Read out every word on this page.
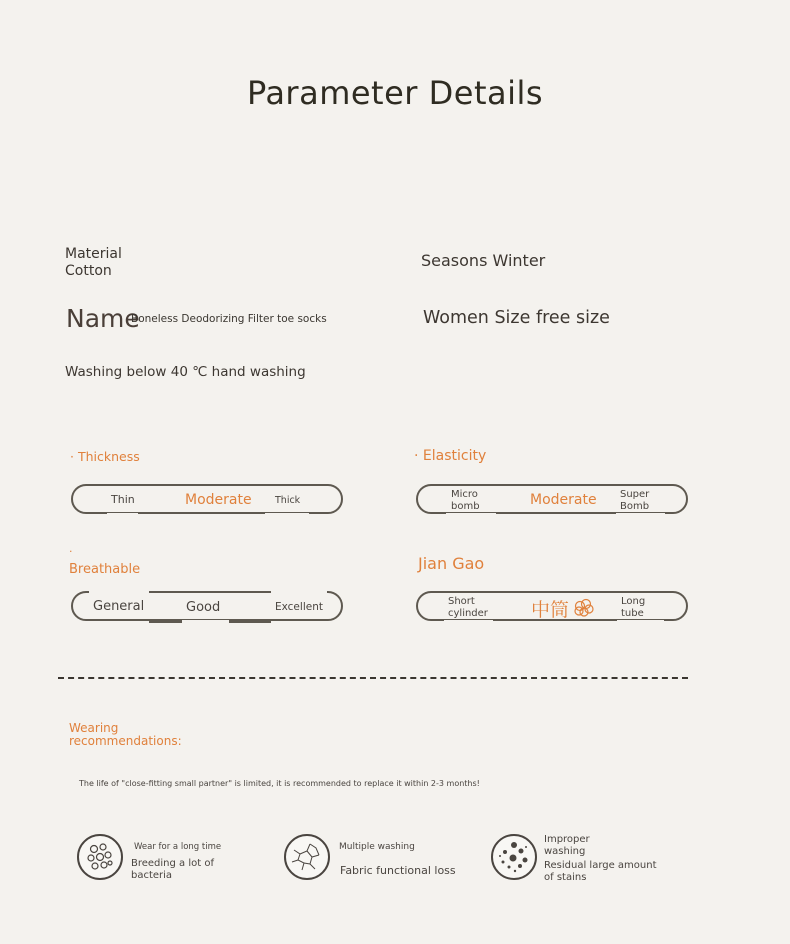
Parameter Details
Material
Cotton
Seasons Winter
Name
Boneless Deodorizing Filter toe socks	Women Size free size
Washing below 40 ℃ hand washing
· Thickness
Thin	Moderate Thick
· Elasticity
Micro
bomb	Moderate Super
Bomb
·
Breathable
General	Good	Excellent
Jian Gao
Short
cylinder 中筒	Long
tube
Wearing
recommendations:
The life of "close-fitting small partner" is limited, it is recommended to replace it within 2-3 months!
Wear for a long time
Breeding a lot of
bacteria
Multiple washing
Fabric functional loss
Improper
washing
Residual large amount
of stains
